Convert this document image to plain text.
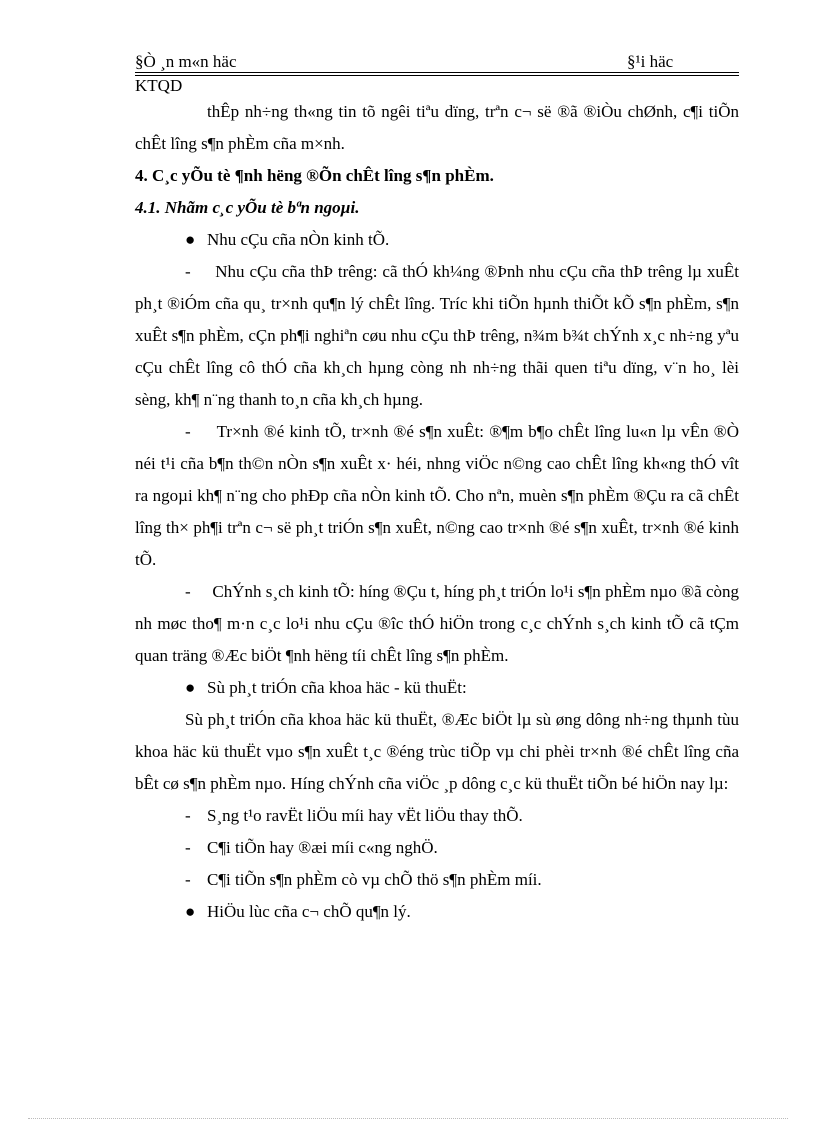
§Ò ¸n m«n häc	§¹i häc
KTQD

thÊp nh÷ng th«ng tin tõ ngêi tiªu dïng, trªn c¬ së ®ã ®iÒu chØnh, c¶i tiÕn chÊt lîng s¶n phÈm cña m×nh.

4. C¸c yÕu tè ¶nh hëng ®Õn chÊt lîng s¶n phÈm.

4.1. Nhãm c¸c yÕu tè bªn ngoµi.

● Nhu cÇu cña nÒn kinh tÕ.

- Nhu cÇu cña thÞ trêng: cã thÓ kh¼ng ®Þnh nhu cÇu cña thÞ trêng lµ xuÊt ph¸t ®iÓm cña qu¸ tr×nh qu¶n lý chÊt lîng. Tríc khi tiÕn hµnh thiÕt kÕ s¶n phÈm, s¶n xuÊt s¶n phÈm, cÇn ph¶i nghiªn cøu nhu cÇu thÞ trêng, n¾m b¾t chÝnh x¸c nh÷ng yªu cÇu chÊt lîng cô thÓ cña kh¸ch hµng còng nh nh÷ng thãi quen tiªu dïng, v¨n ho¸ lèi sèng, kh¶ n¨ng thanh to¸n cña kh¸ch hµng.

- Tr×nh ®é kinh tÕ, tr×nh ®é s¶n xuÊt: ®¶m b¶o chÊt lîng lu«n lµ vÊn ®Ò néi t¹i cña b¶n th©n nÒn s¶n xuÊt x· héi, nhng viÖc n©ng cao chÊt lîng kh«ng thÓ vît ra ngoµi kh¶ n¨ng cho phÐp cña nÒn kinh tÕ. Cho nªn, muèn s¶n phÈm ®Çu ra cã chÊt lîng th× ph¶i trªn c¬ së ph¸t triÓn s¶n xuÊt, n©ng cao tr×nh ®é s¶n xuÊt, tr×nh ®é kinh tÕ.

- ChÝnh s¸ch kinh tÕ: híng ®Çu t, híng ph¸t triÓn lo¹i s¶n phÈm nµo ®ã còng nh møc tho¶ m·n c¸c lo¹i nhu cÇu ®îc thÓ hiÖn trong c¸c chÝnh s¸ch kinh tÕ cã tÇm quan träng ®Æc biÖt ¶nh hëng tíi chÊt lîng s¶n phÈm.

● Sù ph¸t triÓn cña khoa häc - kü thuËt:

Sù ph¸t triÓn cña khoa häc kü thuËt, ®Æc biÖt lµ sù øng dông nh÷ng thµnh tùu khoa häc kü thuËt vµo s¶n xuÊt t¸c ®éng trùc tiÕp vµ chi phèi tr×nh ®é chÊt lîng cña bÊt cø s¶n phÈm nµo. Híng chÝnh cña viÖc ¸p dông c¸c kü thuËt tiÕn bé hiÖn nay lµ:

- S¸ng t¹o ravËt liÖu míi hay vËt liÖu thay thÕ.

- C¶i tiÕn hay ®æi míi c«ng nghÖ.

- C¶i tiÕn s¶n phÈm cò vµ chÕ thö s¶n phÈm míi.

● HiÖu lùc cña c¬ chÕ qu¶n lý.
